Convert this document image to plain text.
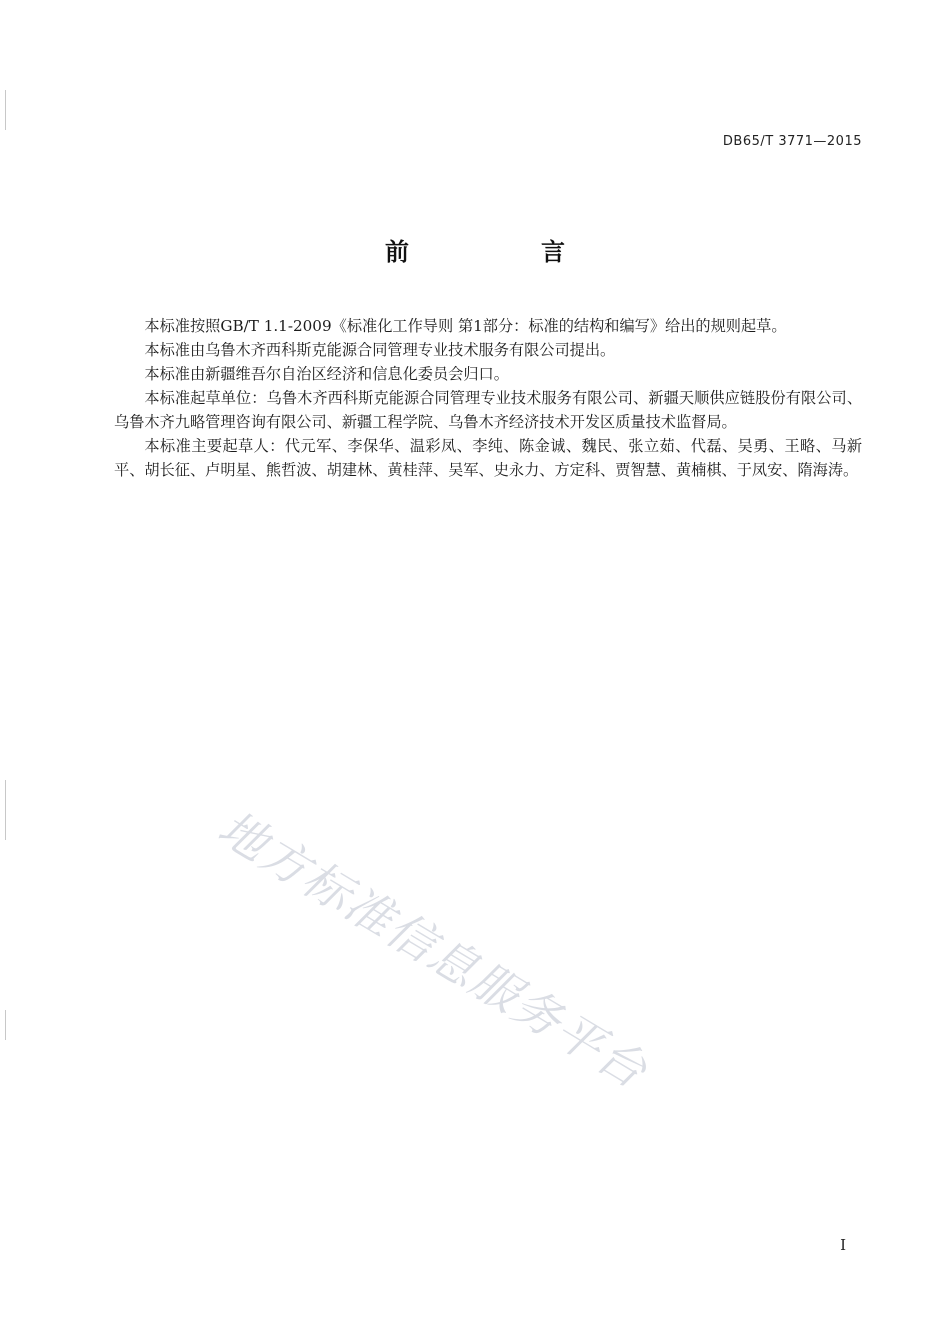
DB65/T 3771—2015
前　言

本标准按照GB/T 1.1-2009《标准化工作导则 第1部分：标准的结构和编写》给出的规则起草。

本标准由乌鲁木齐西科斯克能源合同管理专业技术服务有限公司提出。

本标准由新疆维吾尔自治区经济和信息化委员会归口。

本标准起草单位：乌鲁木齐西科斯克能源合同管理专业技术服务有限公司、新疆天顺供应链股份有限公司、乌鲁木齐九略管理咨询有限公司、新疆工程学院、乌鲁木齐经济技术开发区质量技术监督局。

本标准主要起草人：代元军、李保华、温彩凤、李纯、陈金诚、魏民、张立茹、代磊、吴勇、王略、马新平、胡长征、卢明星、熊哲波、胡建林、黄桂萍、吴军、史永力、方定科、贾智慧、黄楠棋、于凤安、隋海涛。

地方标准信息服务平台
I
